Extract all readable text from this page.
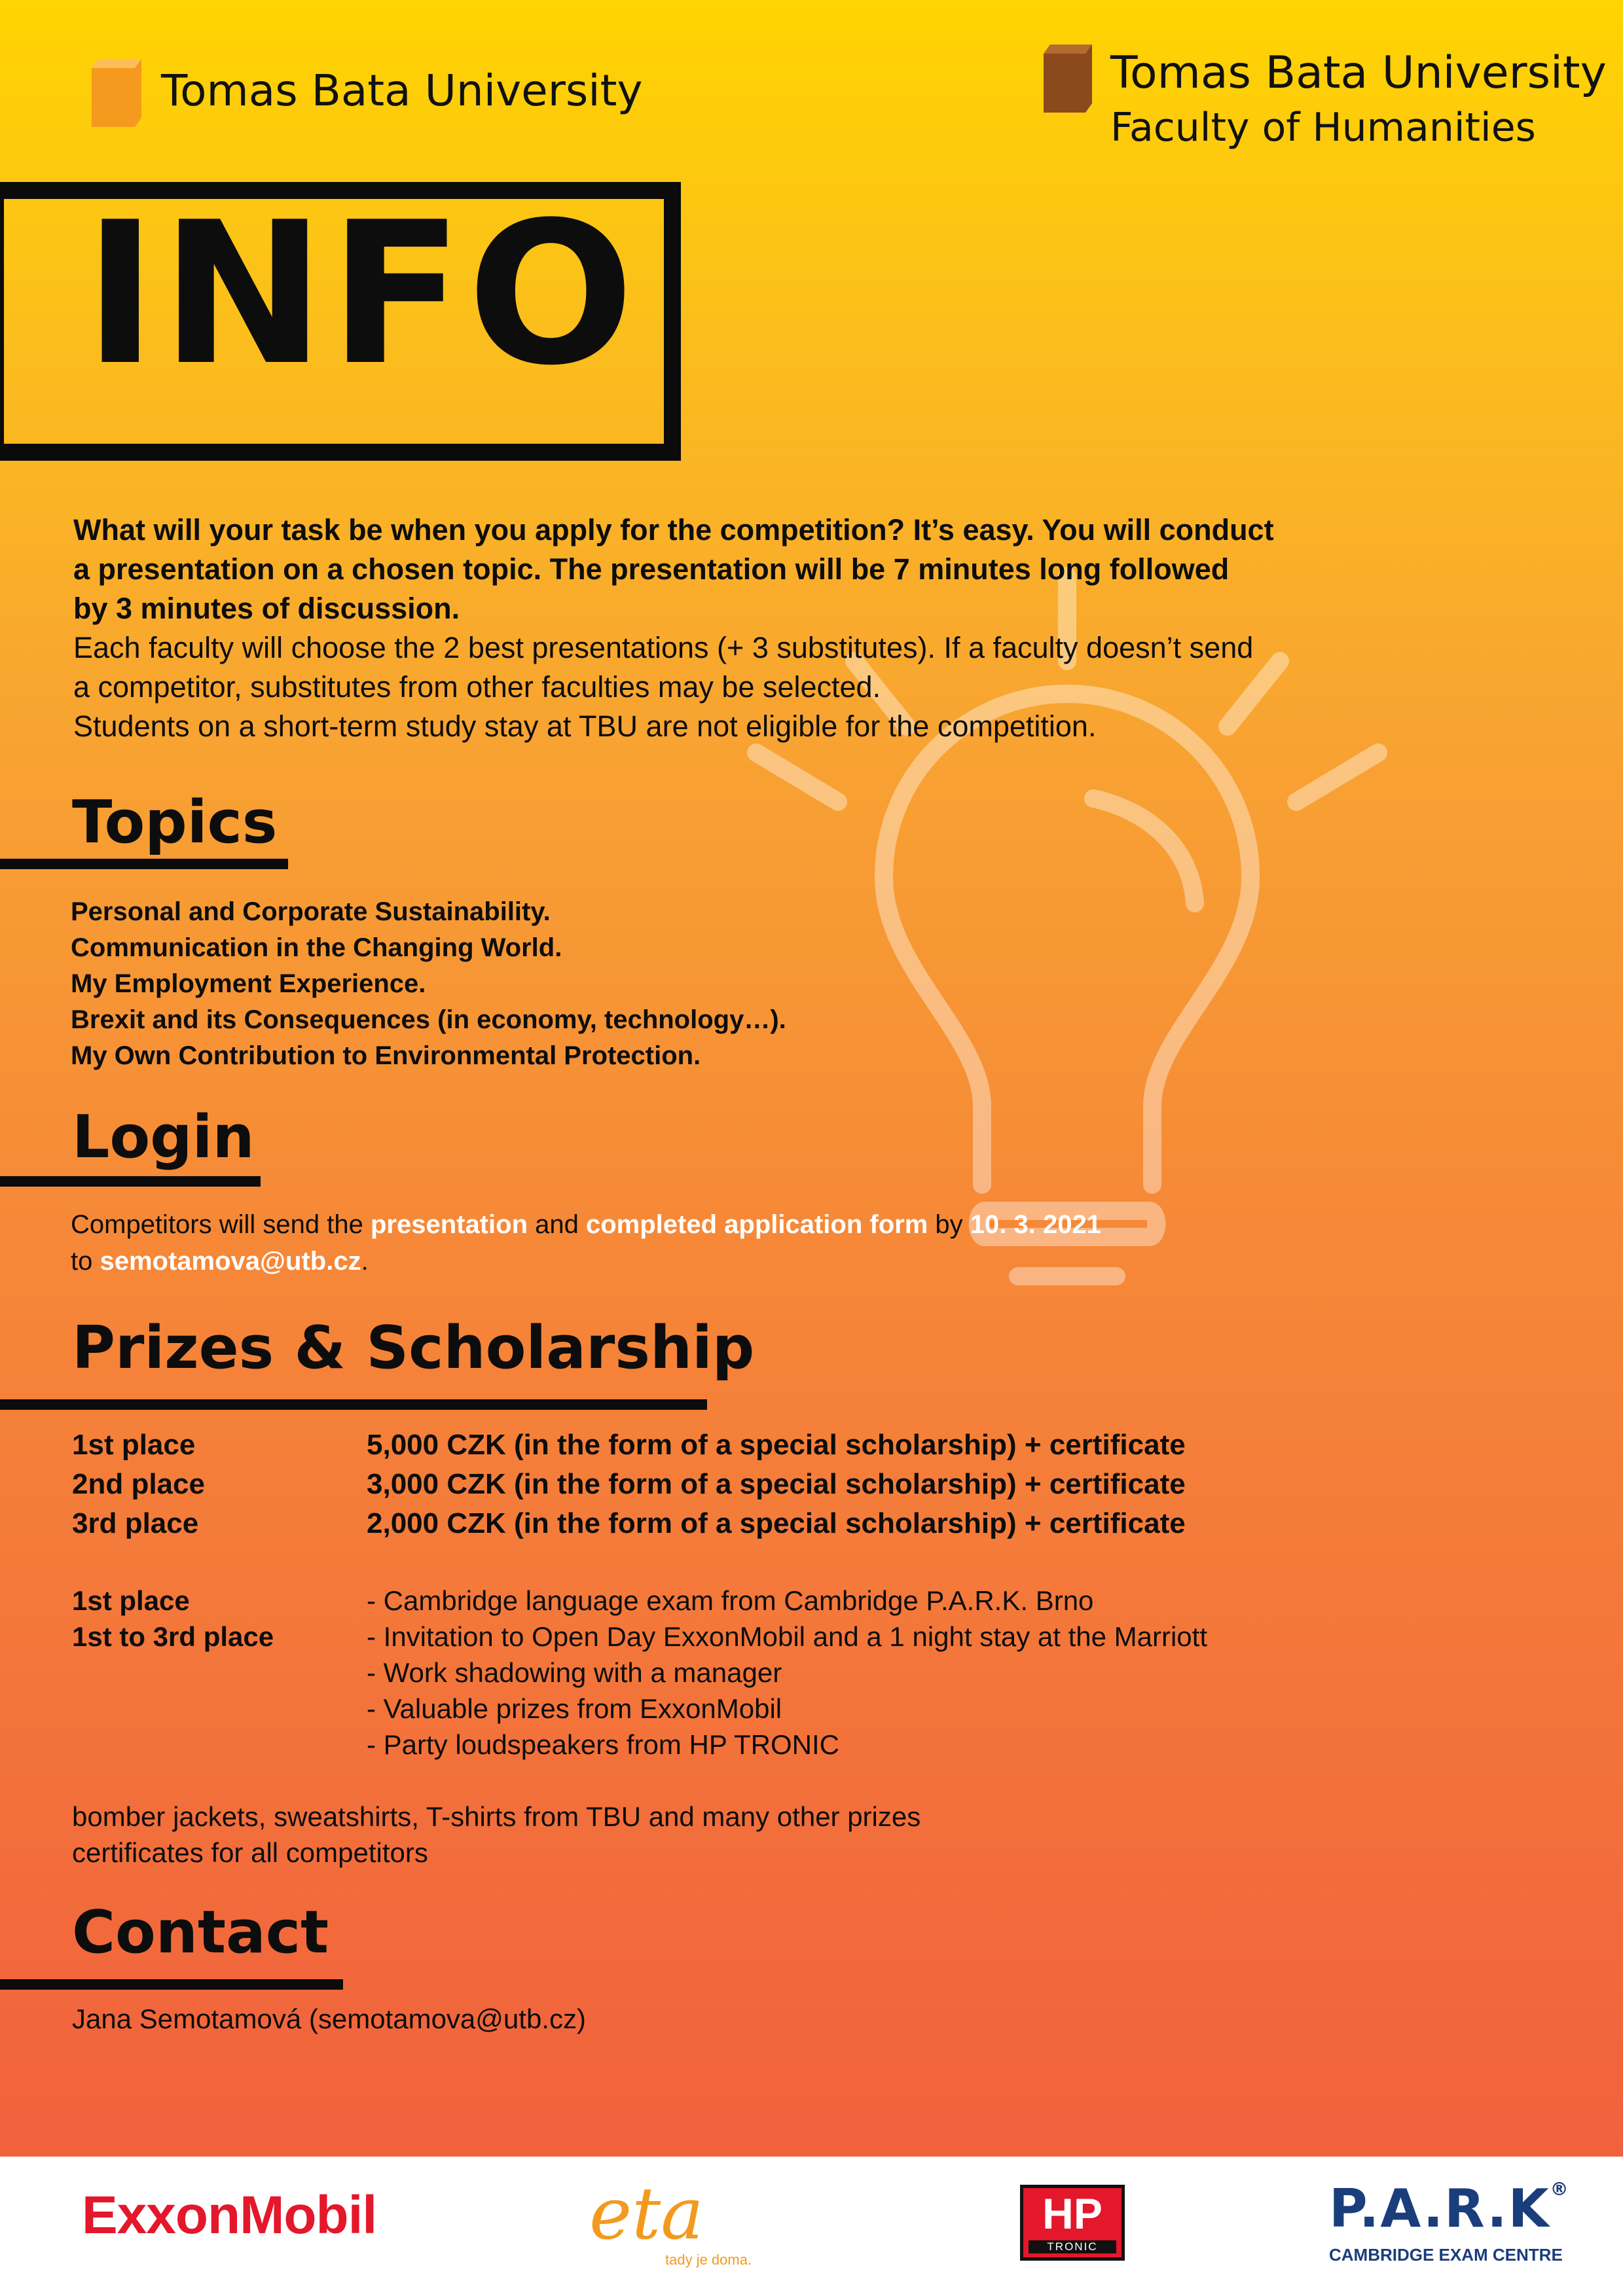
Tomas Bata University	Tomas Bata University
Faculty of Humanities
INFO
What will your task be when you apply for the competition? It’s easy. You will conduct
a presentation on a chosen topic. The presentation will be 7 minutes long followed
by 3 minutes of discussion.
Each faculty will choose the 2 best presentations (+ 3 substitutes). If a faculty doesn’t send
a competitor, substitutes from other faculties may be selected.
Students on a short-term study stay at TBU are not eligible for the competition.
Topics
Personal and Corporate Sustainability.
Communication in the Changing World.
My Employment Experience.
Brexit and its Consequences (in economy, technology…).
My Own Contribution to Environmental Protection.
Login
Competitors will send the presentation and completed application form by 10. 3. 2021
to semotamova@utb.cz.
Prizes & Scholarship
1st place
2nd place
3rd place
5,000 CZK (in the form of a special scholarship) + certificate
3,000 CZK (in the form of a special scholarship) + certificate
2,000 CZK (in the form of a special scholarship) + certificate
1st place
1st to 3rd place
- Cambridge language exam from Cambridge P.A.R.K. Brno
- Invitation to Open Day ExxonMobil and a 1 night stay at the Marriott
- Work shadowing with a manager
- Valuable prizes from ExxonMobil
- Party loudspeakers from HP TRONIC
bomber jackets, sweatshirts, T-shirts from TBU and many other prizes
certificates for all competitors
Contact
Jana Semotamová (semotamova@utb.cz)
ExxonMobil	eta
tady je doma.
HP
TRONIC
P.A.R.K®
CAMBRIDGE EXAM CENTRE
